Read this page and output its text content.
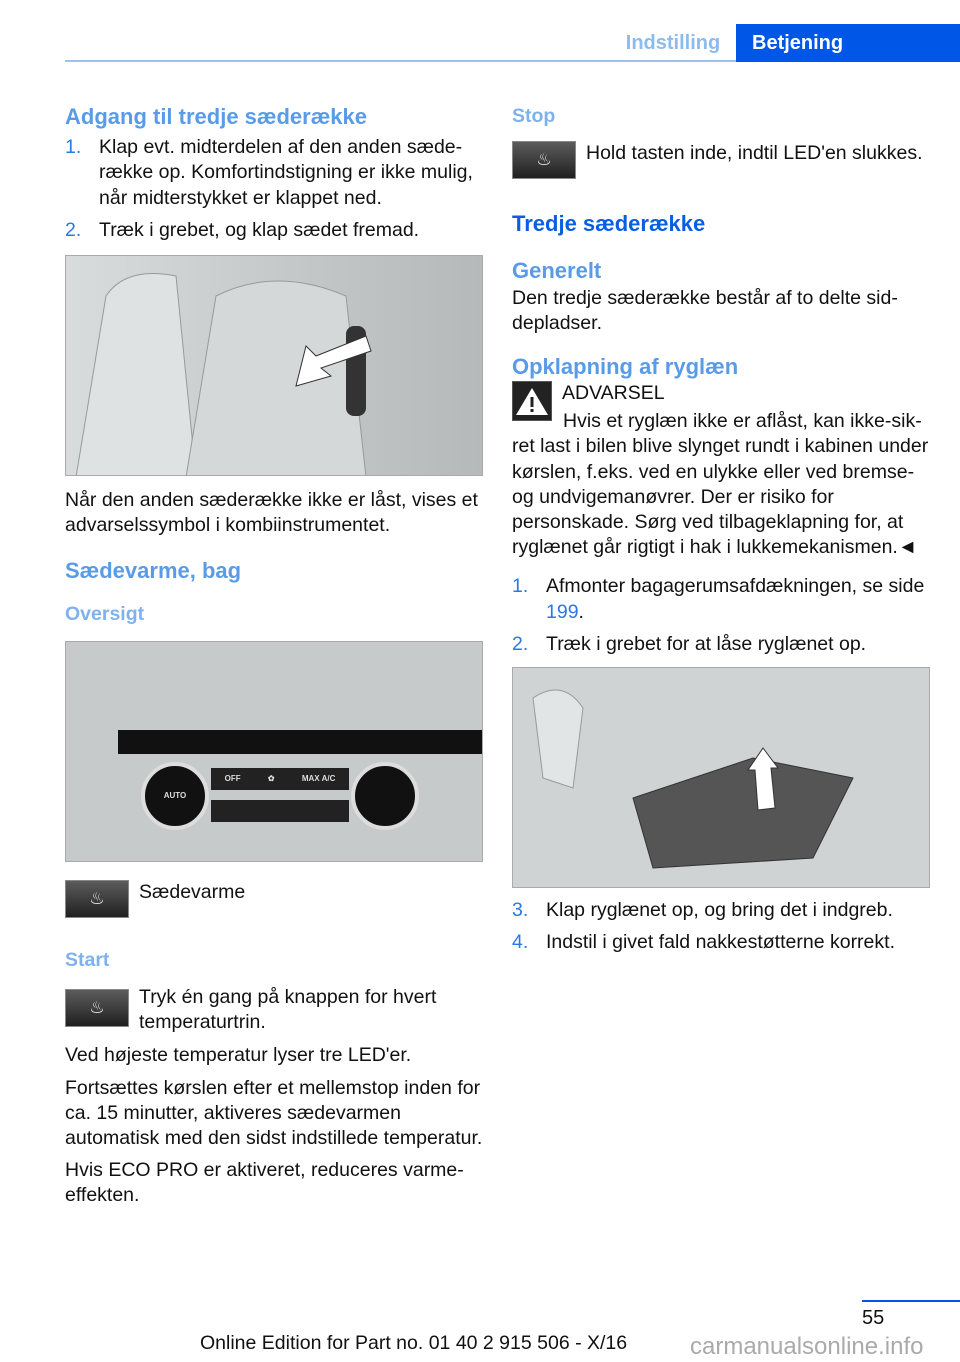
Indstilling	Betjening
Adgang til tredje sæderække
1. Klap evt. midterdelen af den anden sæderække op. Komfortindstigning er ikke mulig, når midterstykket er klappet ned.
2. Træk i grebet, og klap sædet fremad.

Når den anden sæderække ikke er låst, vises et advarselssymbol i kombiinstrumentet.

Sædevarme, bag
Oversigt
AUTO
OFF	✿	MAX A/C
♨	Sædevarme
Start
♨	Tryk én gang på knappen for hvert temperaturtrin.

Ved højeste temperatur lyser tre LED'er.

Fortsættes kørslen efter et mellemstop inden for ca. 15 minutter, aktiveres sædevarmen automatisk med den sidst indstillede temperatur.

Hvis ECO PRO er aktiveret, reduceres varmeeffekten.

Stop
♨	Hold tasten inde, indtil LED'en slukkes.
Tredje sæderække
Generelt

Den tredje sæderække består af to delte siddepladser.

Opklapning af ryglæn
ADVARSEL

Hvis et ryglæn ikke er aflåst, kan ikke-sikret last i bilen blive slynget rundt i kabinen under kørslen, f.eks. ved en ulykke eller ved bremse- og undvigemanøvrer. Der er risiko for personskade. Sørg ved tilbageklapning for, at ryglænet går rigtigt i hak i lukkemekanismen.◄

1. Afmonter bagagerumsafdækningen, se side 199.
2. Træk i grebet for at låse ryglænet op.
3. Klap ryglænet op, og bring det i indgreb.
4. Indstil i givet fald nakkestøtterne korrekt.
55
Online Edition for Part no. 01 40 2 915 506 - X/16	carmanualsonline.info
